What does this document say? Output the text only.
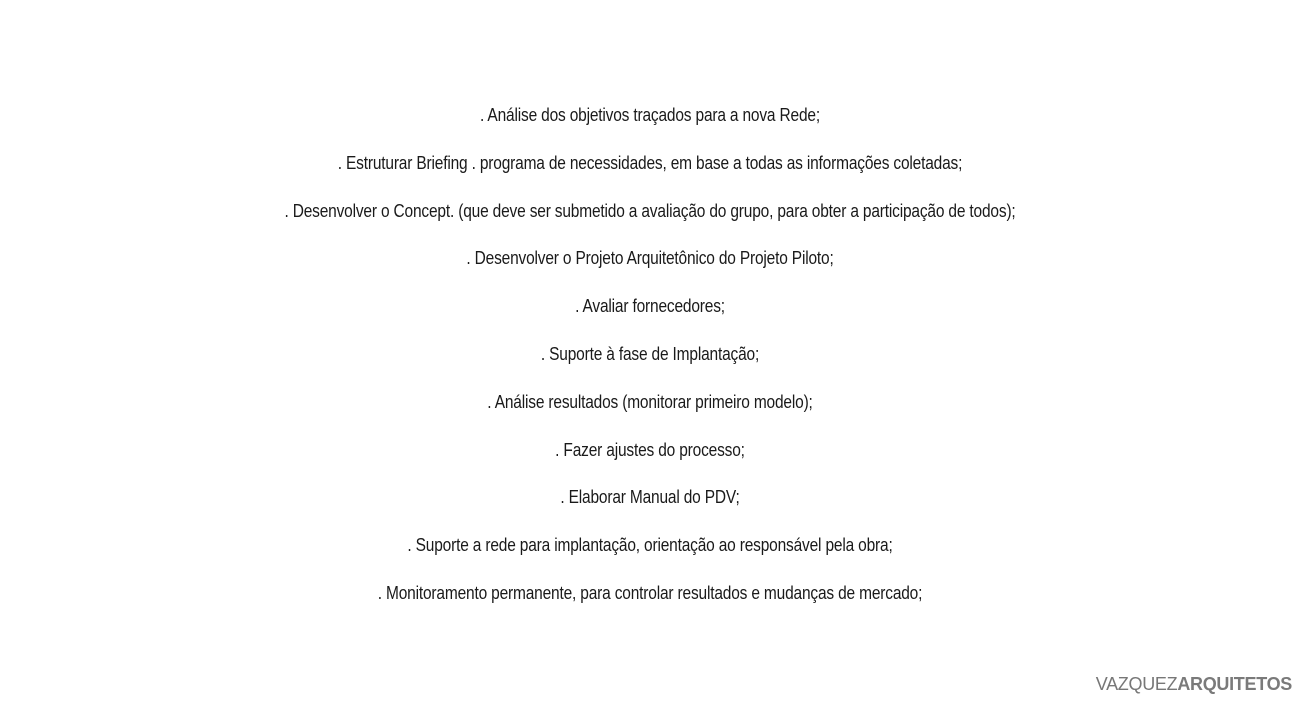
. Análise dos objetivos traçados para a nova Rede;
. Estruturar Briefing . programa de necessidades, em base a todas as informações coletadas;
. Desenvolver o Concept. (que deve ser submetido a avaliação do grupo, para obter a participação de todos);
. Desenvolver o Projeto Arquitetônico do Projeto Piloto;
. Avaliar fornecedores;
. Suporte à fase de Implantação;
. Análise resultados (monitorar primeiro modelo);
. Fazer ajustes do processo;
. Elaborar Manual do PDV;
. Suporte a rede para implantação, orientação ao responsável pela obra;
. Monitoramento permanente, para controlar resultados e mudanças de mercado;
VAZQUEZARQUITETOS
